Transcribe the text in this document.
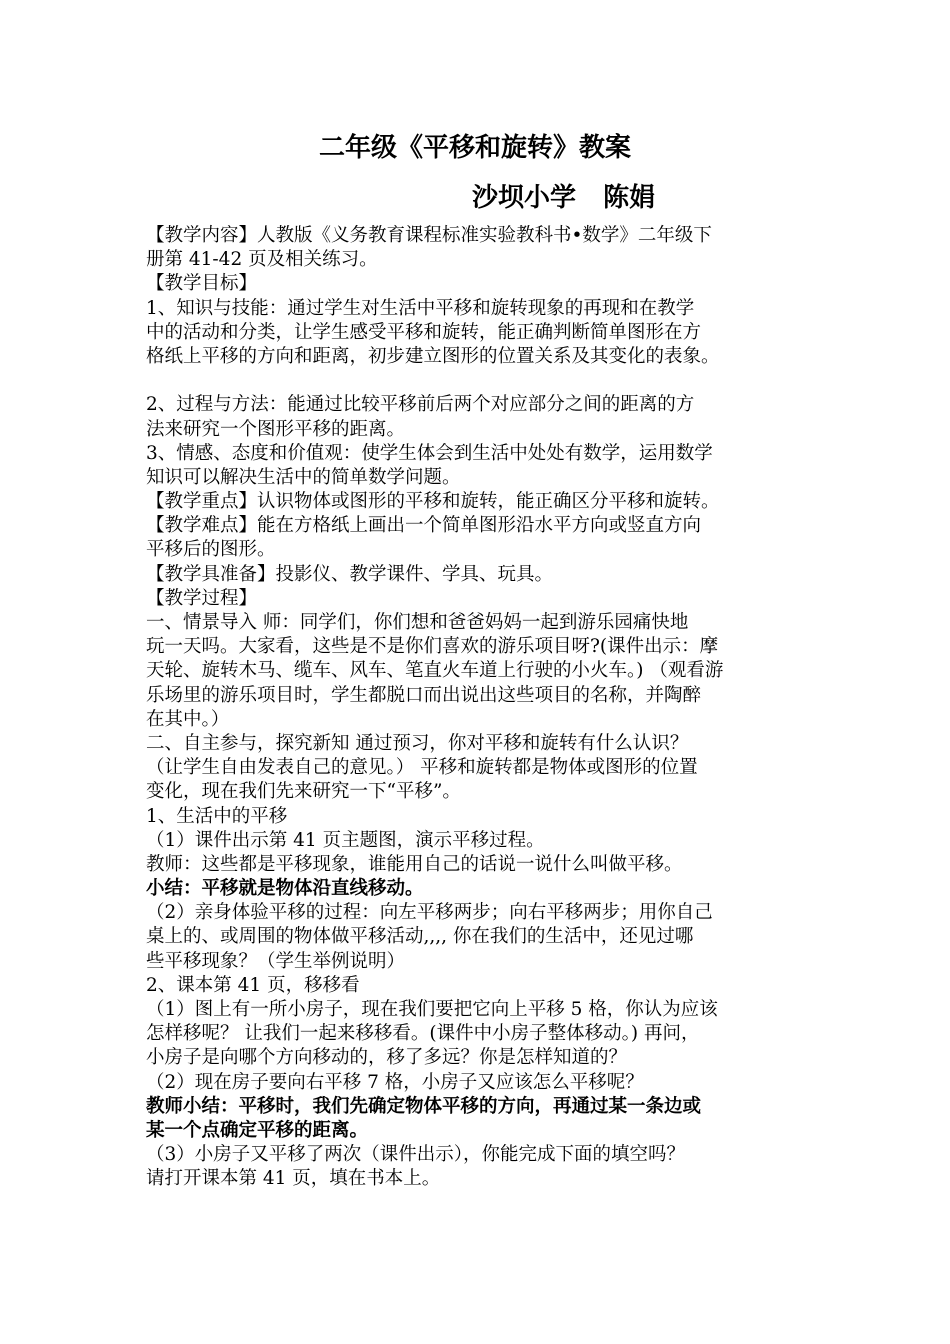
二年级《平移和旋转》教案
沙坝小学   陈娟
【教学内容】人教版《义务教育课程标准实验教科书•数学》二年级下
册第 41-42 页及相关练习。
【教学目标】
1、知识与技能：通过学生对生活中平移和旋转现象的再现和在教学
中的活动和分类，让学生感受平移和旋转，能正确判断简单图形在方
格纸上平移的方向和距离，初步建立图形的位置关系及其变化的表象。
2、过程与方法：能通过比较平移前后两个对应部分之间的距离的方
法来研究一个图形平移的距离。
3、情感、态度和价值观：使学生体会到生活中处处有数学，运用数学
知识可以解决生活中的简单数学问题。
【教学重点】认识物体或图形的平移和旋转，能正确区分平移和旋转。
【教学难点】能在方格纸上画出一个简单图形沿水平方向或竖直方向
平移后的图形。
【教学具准备】投影仪、教学课件、学具、玩具。
【教学过程】
一、情景导入 师：同学们，你们想和爸爸妈妈一起到游乐园痛快地
玩一天吗。大家看，这些是不是你们喜欢的游乐项目呀?(课件出示：摩
天轮、旋转木马、缆车、风车、笔直火车道上行驶的小火车。) （观看游
乐场里的游乐项目时，学生都脱口而出说出这些项目的名称，并陶醉
在其中。）
二、自主参与，探究新知 通过预习，你对平移和旋转有什么认识？
（让学生自由发表自己的意见。） 平移和旋转都是物体或图形的位置
变化，现在我们先来研究一下“平移”。
1、生活中的平移
（1）课件出示第 41 页主题图，演示平移过程。
教师：这些都是平移现象，谁能用自己的话说一说什么叫做平移。
小结：平移就是物体沿直线移动。
（2）亲身体验平移的过程：向左平移两步；向右平移两步；用你自己
桌上的、或周围的物体做平移活动,,,, 你在我们的生活中，还见过哪
些平移现象？（学生举例说明）
2、课本第 41 页，移移看
（1）图上有一所小房子，现在我们要把它向上平移 5 格，你认为应该
怎样移呢？ 让我们一起来移移看。(课件中小房子整体移动。) 再问，
小房子是向哪个方向移动的，移了多远？你是怎样知道的？
（2）现在房子要向右平移 7 格，小房子又应该怎么平移呢？
教师小结：平移时，我们先确定物体平移的方向，再通过某一条边或
某一个点确定平移的距离。
（3）小房子又平移了两次（课件出示），你能完成下面的填空吗？
请打开课本第 41 页，填在书本上。
